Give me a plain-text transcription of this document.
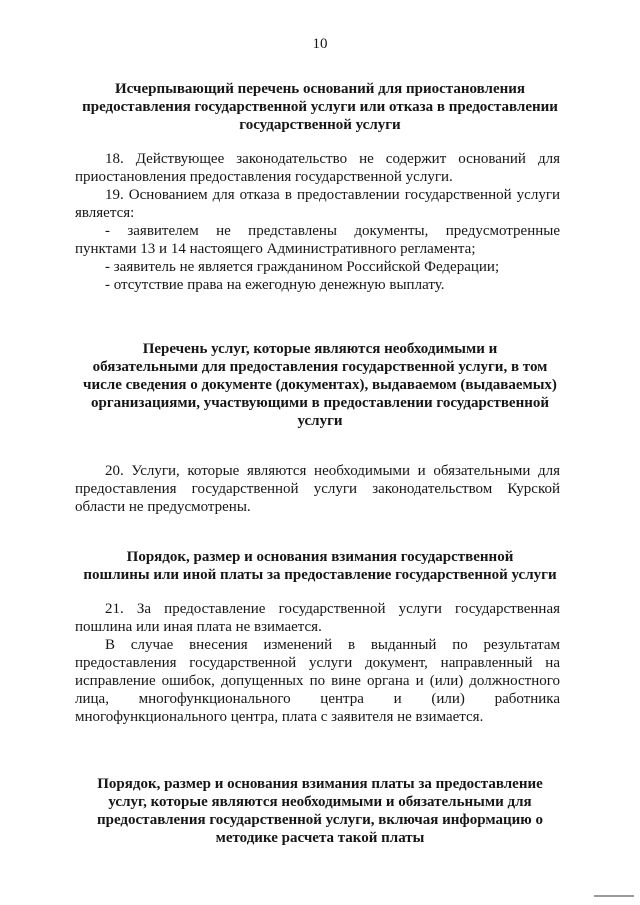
10
Исчерпывающий перечень оснований для приостановления
предоставления государственной услуги или отказа в предоставлении
государственной услуги
18. Действующее законодательство не содержит оснований для
приостановления предоставления государственной услуги.
19. Основанием для отказа в предоставлении государственной услуги
является:
- заявителем не представлены документы, предусмотренные
пунктами 13 и 14 настоящего Административного регламента;
- заявитель не является гражданином Российской Федерации;
- отсутствие права на ежегодную денежную выплату.
Перечень услуг, которые являются необходимыми и
обязательными для предоставления государственной услуги, в том
числе сведения о документе (документах), выдаваемом (выдаваемых)
организациями, участвующими в предоставлении государственной
услуги
20. Услуги, которые являются необходимыми и обязательными для
предоставления государственной услуги законодательством Курской
области не предусмотрены.
Порядок, размер и основания взимания государственной
пошлины или иной платы за предоставление государственной услуги
21. За предоставление государственной услуги государственная
пошлина или иная плата не взимается.
В случае внесения изменений в выданный по результатам
предоставления государственной услуги документ, направленный на
исправление ошибок, допущенных по вине органа и (или) должностного
лица, многофункционального центра и (или) работника
многофункционального центра, плата с заявителя не взимается.
Порядок, размер и основания взимания платы за предоставление
услуг, которые являются необходимыми и обязательными для
предоставления государственной услуги, включая информацию о
методике расчета такой платы
